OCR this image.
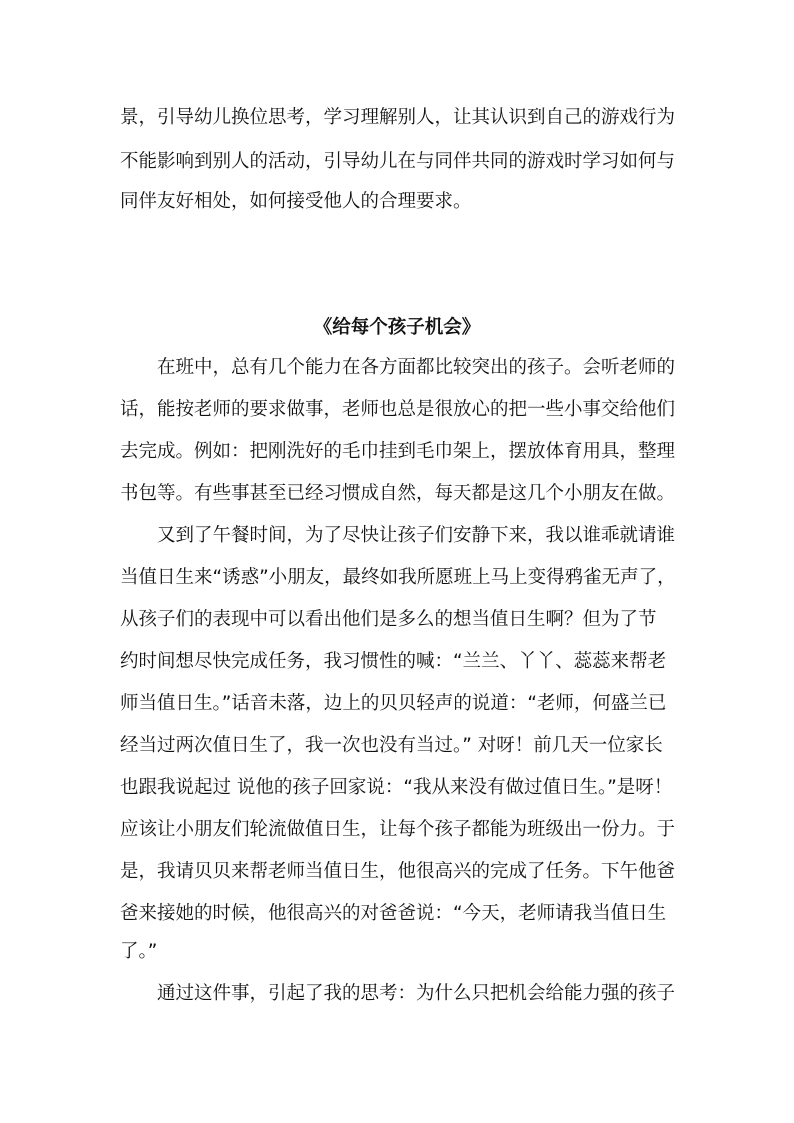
景，引导幼儿换位思考，学习理解别人，让其认识到自己的游戏行为
不能影响到别人的活动，引导幼儿在与同伴共同的游戏时学习如何与
同伴友好相处，如何接受他人的合理要求。
《给每个孩子机会》
　　在班中，总有几个能力在各方面都比较突出的孩子。会听老师的
话，能按老师的要求做事，老师也总是很放心的把一些小事交给他们
去完成。例如：把刚洗好的毛巾挂到毛巾架上，摆放体育用具，整理
书包等。有些事甚至已经习惯成自然，每天都是这几个小朋友在做。
　　又到了午餐时间，为了尽快让孩子们安静下来，我以谁乖就请谁
当值日生来“诱惑”小朋友，最终如我所愿班上马上变得鸦雀无声了，
从孩子们的表现中可以看出他们是多么的想当值日生啊？但为了节
约时间想尽快完成任务，我习惯性的喊：“兰兰、丫丫、蕊蕊来帮老
师当值日生。”话音未落，边上的贝贝轻声的说道：“老师，何盛兰已
经当过两次值日生了，我一次也没有当过。” 对呀！前几天一位家长
也跟我说起过 说他的孩子回家说：“我从来没有做过值日生。”是呀！
应该让小朋友们轮流做值日生，让每个孩子都能为班级出一份力。于
是，我请贝贝来帮老师当值日生，他很高兴的完成了任务。下午他爸
爸来接她的时候，他很高兴的对爸爸说：“今天，老师请我当值日生
了。”
　　通过这件事，引起了我的思考：为什么只把机会给能力强的孩子
